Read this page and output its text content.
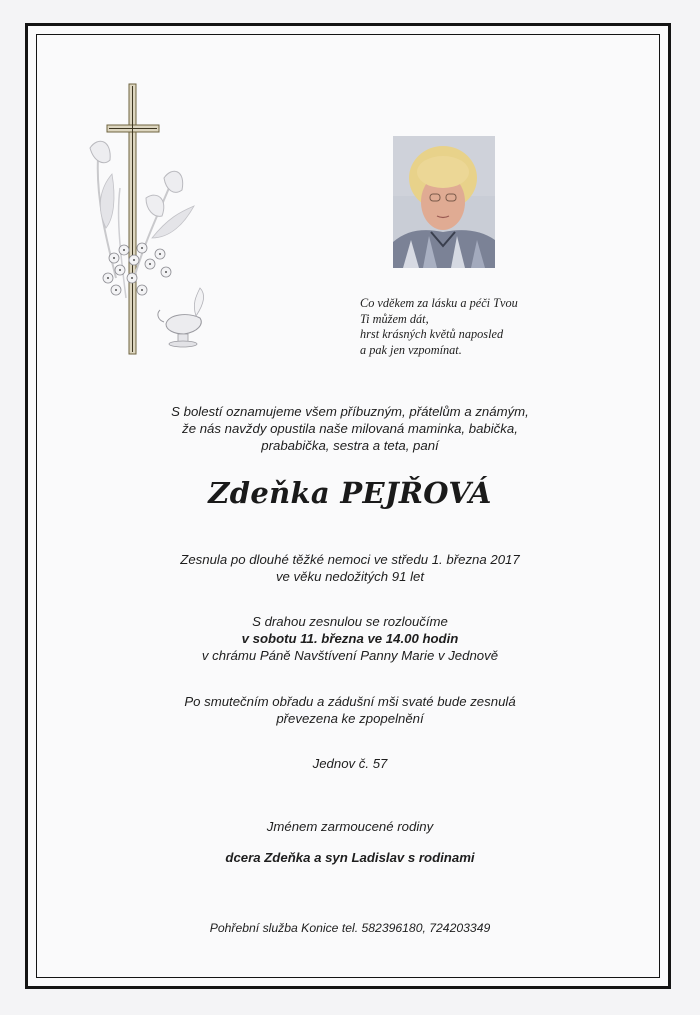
Co vděkem za lásku a péči Tvou
Ti můžem dát,
hrst krásných květů naposled
a pak jen vzpomínat.
S bolestí oznamujeme všem příbuzným, přátelům a známým,
že nás navždy opustila naše milovaná maminka, babička,
prababička, sestra a teta, paní
Zdeňka PEJŘOVÁ
Zesnula po dlouhé těžké nemoci ve středu 1. března 2017
ve věku nedožitých 91 let
S drahou zesnulou se rozloučíme
v sobotu 11. března ve 14.00 hodin
v chrámu Páně Navštívení Panny Marie v Jednově
Po smutečním obřadu a zádušní mši svaté bude zesnulá
převezena ke zpopelnění
Jednov č. 57
Jménem zarmoucené rodiny
dcera Zdeňka a syn Ladislav s rodinami
Pohřební služba Konice tel. 582396180, 724203349
